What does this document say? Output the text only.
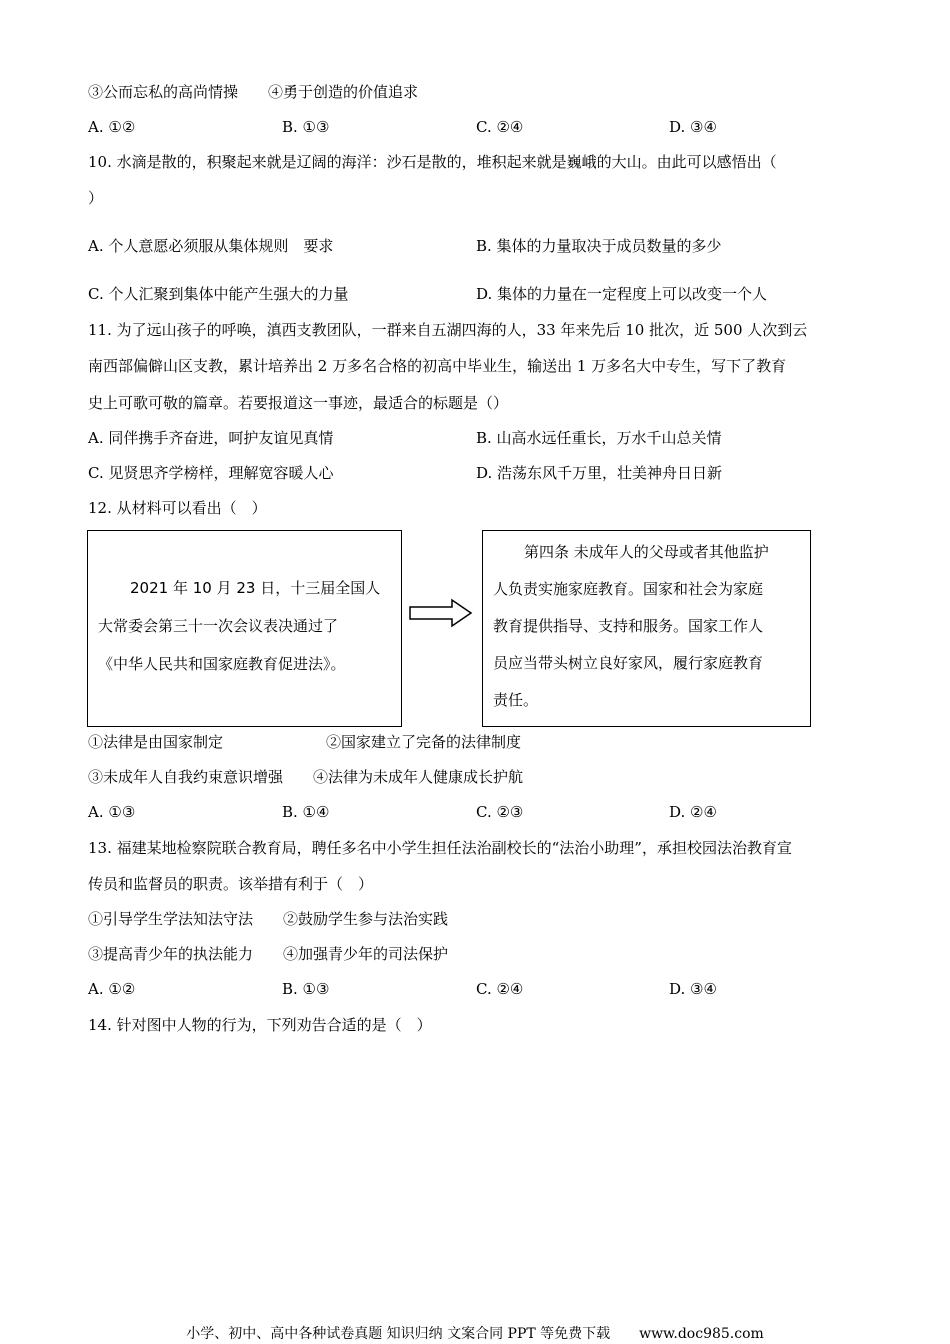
③公而忘私的高尚情操　　④勇于创造的价值追求
A. ①②	B. ①③	C. ②④	D. ③④
10. 水滴是散的，积聚起来就是辽阔的海洋：沙石是散的，堆积起来就是巍峨的大山。由此可以感悟出（
）
A. 个人意愿必须服从集体规则　要求	B. 集体的力量取决于成员数量的多少
C. 个人汇聚到集体中能产生强大的力量	D. 集体的力量在一定程度上可以改变一个人
11. 为了远山孩子的呼唤，滇西支教团队，一群来自五湖四海的人，33 年来先后 10 批次，近 500 人次到云
南西部偏僻山区支教，累计培养出 2 万多名合格的初高中毕业生，输送出 1 万多名大中专生，写下了教育
史上可歌可敬的篇章。若要报道这一事迹，最适合的标题是（）
A. 同伴携手齐奋进，呵护友谊见真情	B. 山高水远任重长，万水千山总关情
C. 见贤思齐学榜样，理解宽容暖人心	D. 浩荡东风千万里，壮美神舟日日新
12. 从材料可以看出（　）
2021 年 10 月 23 日，十三届全国人
大常委会第三十一次会议表决通过了
《中华人民共和国家庭教育促进法》。
第四条 未成年人的父母或者其他监护
人负责实施家庭教育。国家和社会为家庭
教育提供指导、支持和服务。国家工作人
员应当带头树立良好家风，履行家庭教育
责任。
①法律是由国家制定	②国家建立了完备的法律制度
③未成年人自我约束意识增强　　④法律为未成年人健康成长护航
A. ①③	B. ①④	C. ②③	D. ②④
13. 福建某地检察院联合教育局，聘任多名中小学生担任法治副校长的“法治小助理”，承担校园法治教育宣
传员和监督员的职责。该举措有利于（　）
①引导学生学法知法守法　　②鼓励学生参与法治实践
③提高青少年的执法能力　　④加强青少年的司法保护
A. ①②	B. ①③	C. ②④	D. ③④
14. 针对图中人物的行为，下列劝告合适的是（　）
小学、初中、高中各种试卷真题 知识归纳 文案合同 PPT 等免费下载 www.doc985.com
